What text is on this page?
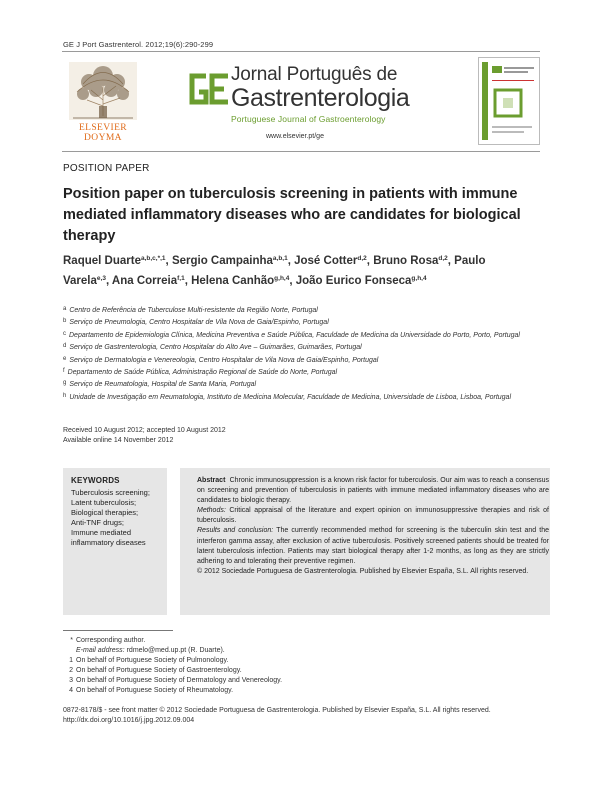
GE J Port Gastrenterol. 2012;19(6):290-299
ELSEVIER
DOYMA
Jornal Português de
Gastrenterologia
Portuguese Journal of Gastroenterology
www.elsevier.pt/ge
POSITION PAPER
Position paper on tuberculosis screening in patients with immune mediated inflammatory diseases who are candidates for biological therapy
Raquel Duarte$^{a,b,c,*,1}$, Sergio Campainha$^{a,b,1}$, José Cotter$^{d,2}$, Bruno Rosa$^{d,2}$, Paulo Varela$^{e,3}$, Ana Correia$^{f,1}$, Helena Canhão$^{g,h,4}$, João Eurico Fonseca$^{g,h,4}$
a Centro de Referência de Tuberculose Multi-resistente da Região Norte, Portugal
b Serviço de Pneumologia, Centro Hospitalar de Vila Nova de Gaia/Espinho, Portugal
c Departamento de Epidemiologia Clínica, Medicina Preventiva e Saúde Pública, Faculdade de Medicina da Universidade do Porto, Porto, Portugal
d Serviço de Gastrenterologia, Centro Hospitalar do Alto Ave – Guimarães, Guimarães, Portugal
e Serviço de Dermatologia e Venereologia, Centro Hospitalar de Vila Nova de Gaia/Espinho, Portugal
f Departamento de Saúde Pública, Administração Regional de Saúde do Norte, Portugal
g Serviço de Reumatologia, Hospital de Santa Maria, Portugal
h Unidade de Investigação em Reumatologia, Instituto de Medicina Molecular, Faculdade de Medicina, Universidade de Lisboa, Lisboa, Portugal
Received 10 August 2012; accepted 10 August 2012
Available online 14 November 2012
KEYWORDS
Tuberculosis screening;
Latent tuberculosis;
Biological therapies;
Anti-TNF drugs;
Immune mediated inflammatory diseases

Abstract Chronic immunosuppression is a known risk factor for tuberculosis. Our aim was to reach a consensus on screening and prevention of tuberculosis in patients with immune mediated inflammatory diseases who are candidates to biologic therapy.

Methods: Critical appraisal of the literature and expert opinion on immunosuppressive therapies and risk of tuberculosis.

Results and conclusion: The currently recommended method for screening is the tuberculin skin test and the interferon gamma assay, after exclusion of active tuberculosis. Positively screened patients should be treated for latent tuberculosis infection. Patients may start biological therapy after 1-2 months, as long as they are strictly adhering to and tolerating their preventive regimen.

© 2012 Sociedade Portuguesa de Gastrenterologia. Published by Elsevier España, S.L. All rights reserved.

* Corresponding author.
E-mail address: rdmelo@med.up.pt (R. Duarte).
1 On behalf of Portuguese Society of Pulmonology.
2 On behalf of Portuguese Society of Gastroenterology.
3 On behalf of Portuguese Society of Dermatology and Venereology.
4 On behalf of Portuguese Society of Rheumatology.
0872-8178/$ - see front matter © 2012 Sociedade Portuguesa de Gastrenterologia. Published by Elsevier España, S.L. All rights reserved.
http://dx.doi.org/10.1016/j.jpg.2012.09.004
